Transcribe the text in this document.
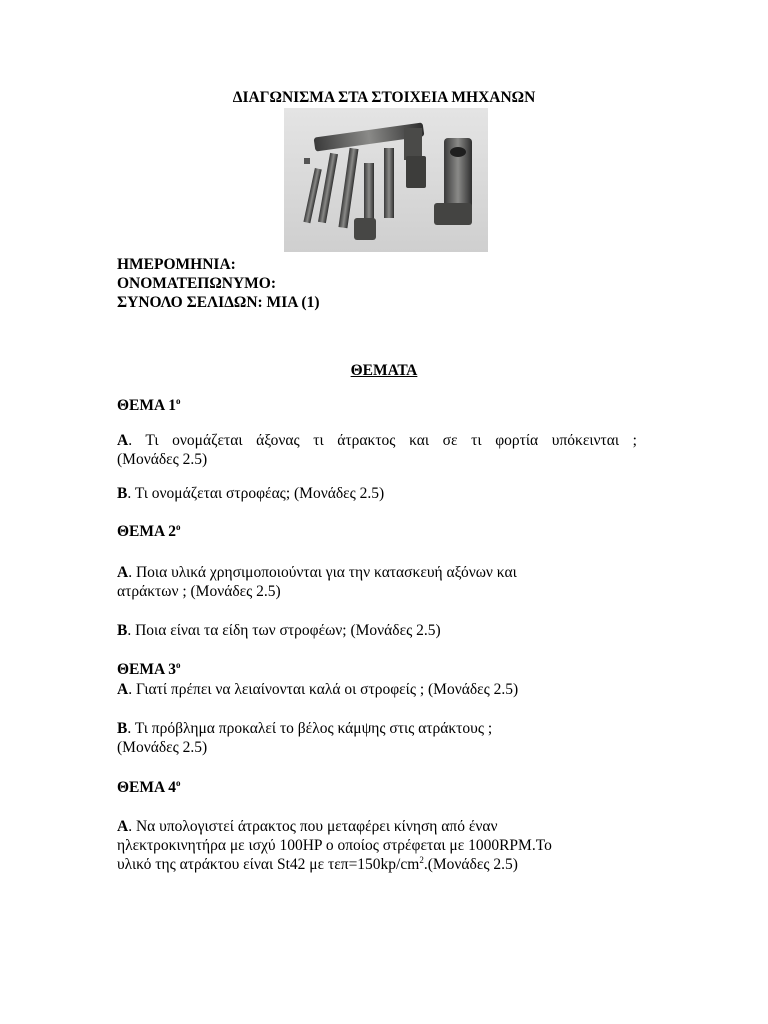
ΔΙΑΓΩΝΙΣΜΑ ΣΤΑ ΣΤΟΙΧΕΙΑ ΜΗΧΑΝΩΝ
ΗΜΕΡΟΜΗΝΙΑ:
ΟΝΟΜΑΤΕΠΩΝΥΜΟ:
ΣΥΝΟΛΟ ΣΕΛΙΔΩΝ: ΜΙΑ (1)
ΘΕΜΑΤΑ
ΘΕΜΑ $1^o$
Α. Τι ονομάζεται άξονας τι άτρακτος και σε τι φορτία υπόκεινται ;
(Μονάδες 2.5)
Β. Τι ονομάζεται στροφέας; (Μονάδες 2.5)
ΘΕΜΑ $2^o$
Α. Ποια υλικά χρησιμοποιούνται για την κατασκευή αξόνων και
ατράκτων ; (Μονάδες 2.5)
Β. Ποια είναι τα είδη των στροφέων; (Μονάδες 2.5)
ΘΕΜΑ $3^o$
Α. Γιατί πρέπει να λειαίνονται καλά οι στροφείς ; (Μονάδες 2.5)
Β. Τι πρόβλημα προκαλεί το βέλος κάμψης στις ατράκτους ;
(Μονάδες 2.5)
ΘΕΜΑ $4^o$
Α. Να υπολογιστεί άτρακτος που μεταφέρει κίνηση από έναν
ηλεκτροκινητήρα με ισχύ 100HP ο οποίος στρέφεται με 1000RPM.Το
υλικό της ατράκτου είναι St42 με $\tau\varepsilon\pi=150kp/cm^2.(Mo\nu ά\delta\varepsilon\varsigma$ 2.5)
